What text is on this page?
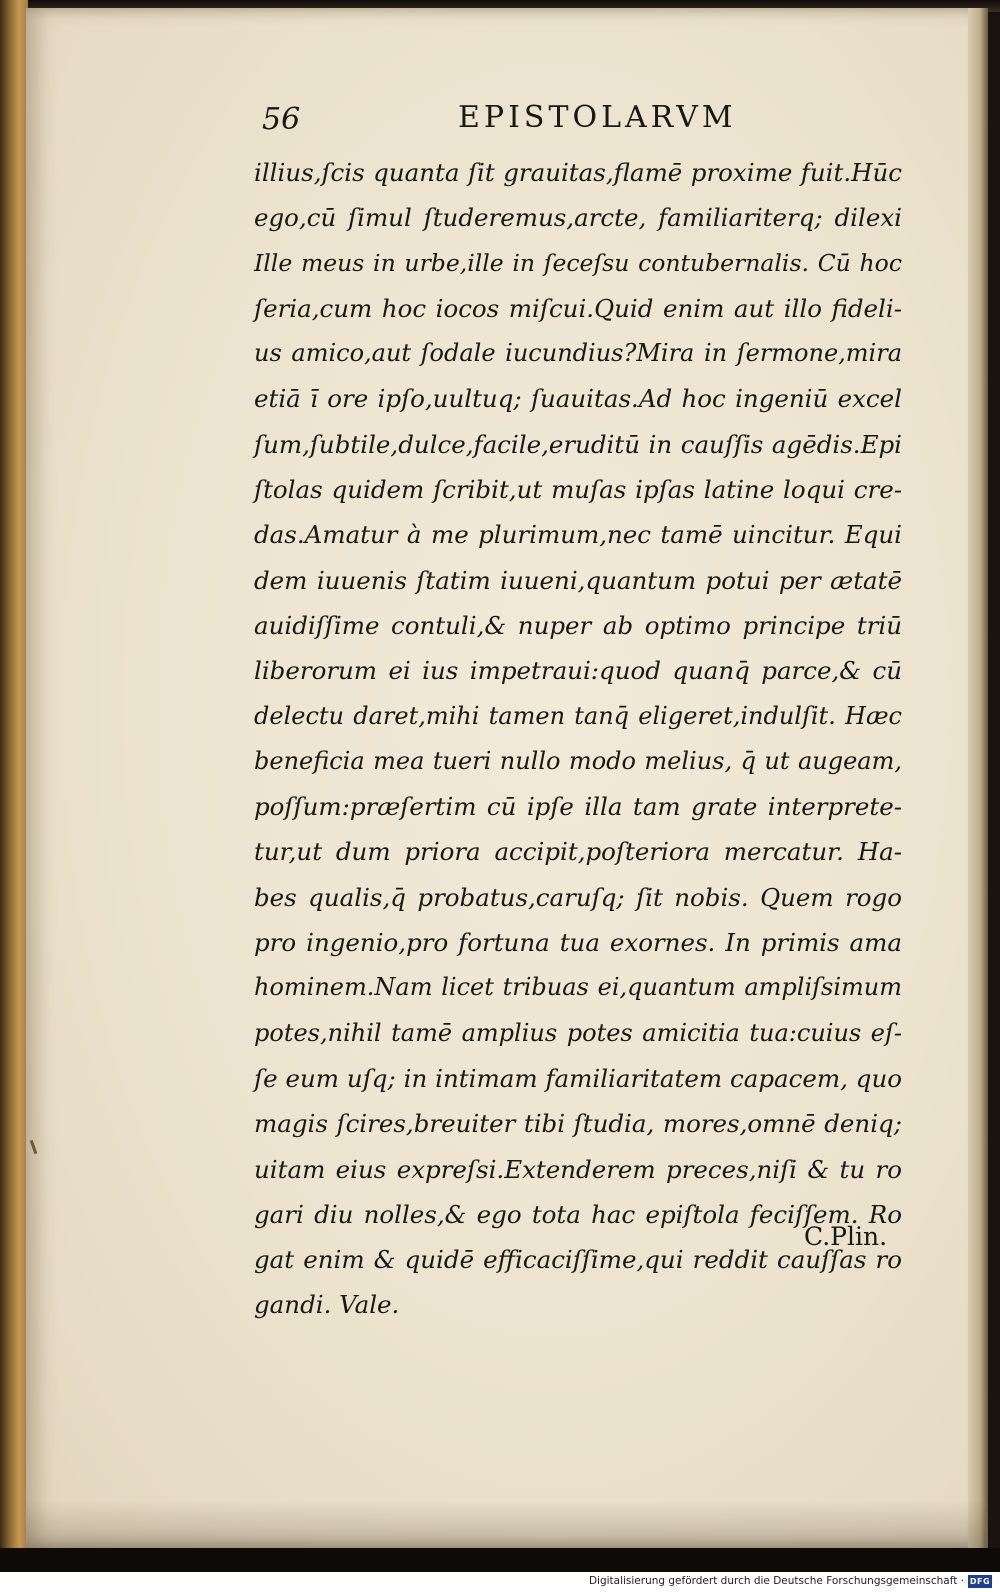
56	EPISTOLARVM
illius,ſcis quanta ſit grauitas,flamē proxime fuit.Hūc
ego,cū ſimul ſtuderemus,arcte, familiariterq; dilexi
Ille meus in urbe,ille in ſeceſsu contubernalis. Cū hoc
ſeria,cum hoc iocos miſcui.Quid enim aut illo fideli-
us amico,aut ſodale iucundius?Mira in ſermone,mira
etiā ī ore ipſo,uultuq; ſuauitas.Ad hoc ingeniū excel
ſum,ſubtile,dulce,facile,eruditū in cauſſis agēdis.Epi
ſtolas quidem ſcribit,ut muſas ipſas latine loqui cre-
das.Amatur à me plurimum,nec tamē uincitur. Equi
dem iuuenis ſtatim iuueni,quantum potui per ætatē
auidiſſime contuli,& nuper ab optimo principe triū
liberorum ei ius impetraui:quod quanq̄ parce,& cū
delectu daret,mihi tamen tanq̄ eligeret,indulſit. Hæc
beneficia mea tueri nullo modo melius, q̄ ut augeam,
poſſum:præſertim cū ipſe illa tam grate interprete-
tur,ut dum priora accipit,poſteriora mercatur. Ha-
bes qualis,q̄ probatus,caruſq; ſit nobis. Quem rogo
pro ingenio,pro fortuna tua exornes. In primis ama
hominem.Nam licet tribuas ei,quantum ampliſsimum
potes,nihil tamē amplius potes amicitia tua:cuius eſ-
ſe eum uſq; in intimam familiaritatem capacem, quo
magis ſcires,breuiter tibi ſtudia, mores,omnē deniq;
uitam eius expreſsi.Extenderem preces,niſi & tu ro
gari diu nolles,& ego tota hac epiſtola feciſſem. Ro
gat enim & quidē efficaciſſime,qui reddit cauſſas ro
gandi. Vale.
C.Plin.
Digitalisierung gefördert durch die Deutsche Forschungsgemeinschaft · DFG
